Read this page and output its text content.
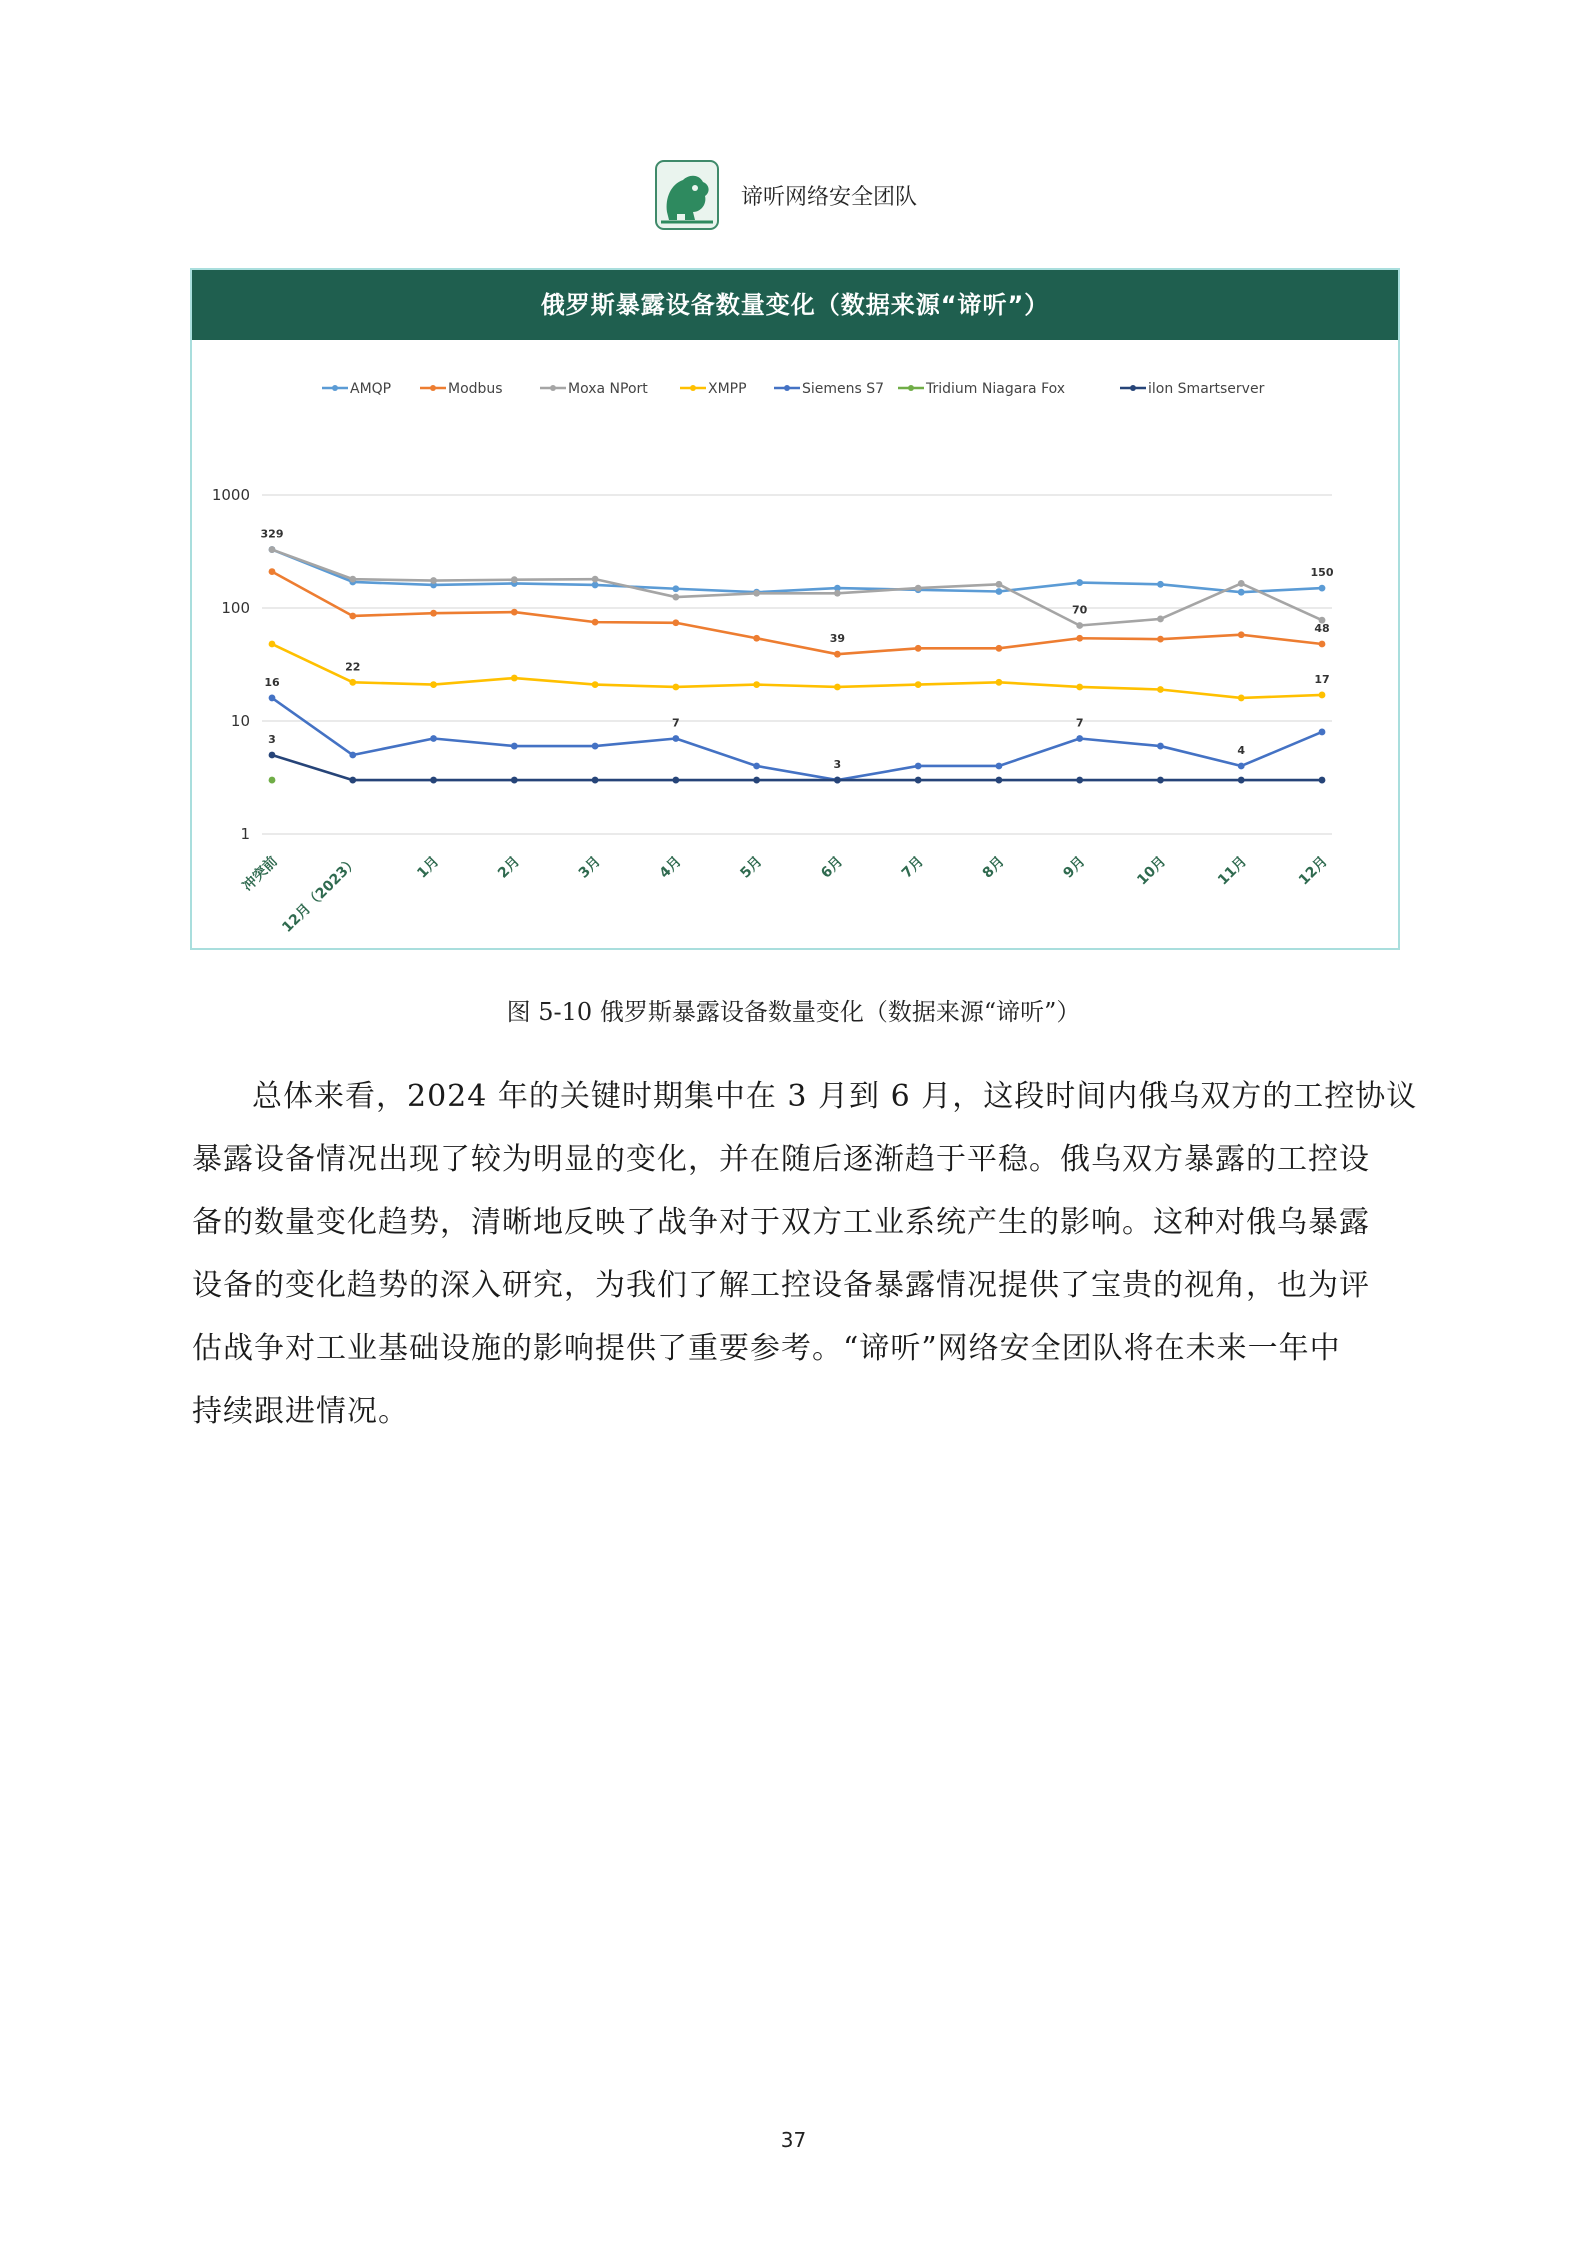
谛听网络安全团队
俄罗斯暴露设备数量变化（数据来源“谛听”）
AMQP	Modbus	Moxa NPort	XMPP	Siemens S7	Tridium Niagara Fox	ilon Smartserver
1
10
100
1000
冲突前
12月（2023）	1月	2月	3月	4月	5月	6月	7月	8月	9月	10月	11月	12月
329
150
70
48
39
22
17
16
7	7
4
3
3
图 5-10 俄罗斯暴露设备数量变化（数据来源“谛听”）
总体来看，2024 年的关键时期集中在 3 月到 6 月，这段时间内俄乌双方的工控协议
暴露设备情况出现了较为明显的变化，并在随后逐渐趋于平稳。俄乌双方暴露的工控设
备的数量变化趋势，清晰地反映了战争对于双方工业系统产生的影响。这种对俄乌暴露
设备的变化趋势的深入研究，为我们了解工控设备暴露情况提供了宝贵的视角，也为评
估战争对工业基础设施的影响提供了重要参考。“谛听”网络安全团队将在未来一年中
持续跟进情况。
37
